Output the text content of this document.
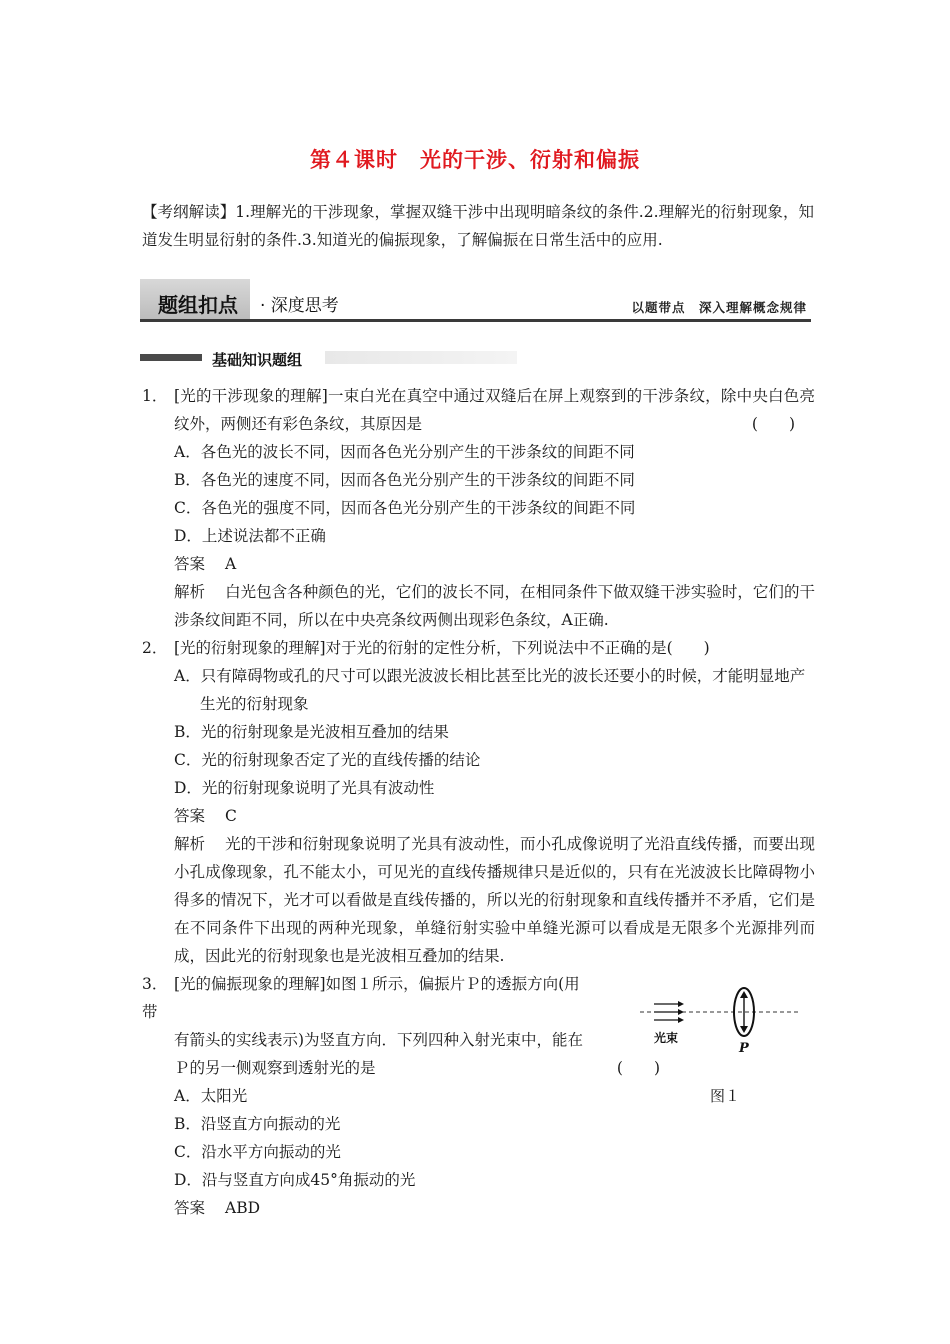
第４课时　光的干涉、衍射和偏振
【考纲解读】1.理解光的干涉现象，掌握双缝干涉中出现明暗条纹的条件.2.理解光的衍射现象，知道发生明显衍射的条件.3.知道光的偏振现象，了解偏振在日常生活中的应用.
题组扣点 · 深度思考	以题带点　深入理解概念规律
基础知识题组
1． [光的干涉现象的理解]一束白光在真空中通过双缝后在屏上观察到的干涉条纹，除中央白色亮纹外，两侧还有彩色条纹，其原因是	(　　)
A．各色光的波长不同，因而各色光分别产生的干涉条纹的间距不同
B．各色光的速度不同，因而各色光分别产生的干涉条纹的间距不同
C．各色光的强度不同，因而各色光分别产生的干涉条纹的间距不同
D．上述说法都不正确
答案 A
解析 白光包含各种颜色的光，它们的波长不同，在相同条件下做双缝干涉实验时，它们的干涉条纹间距不同，所以在中央亮条纹两侧出现彩色条纹，A正确.
2． [光的衍射现象的理解]对于光的衍射的定性分析，下列说法中不正确的是(　　)
A．只有障碍物或孔的尺寸可以跟光波波长相比甚至比光的波长还要小的时候，才能明显地产生光的衍射现象
B．光的衍射现象是光波相互叠加的结果
C．光的衍射现象否定了光的直线传播的结论
D．光的衍射现象说明了光具有波动性
答案 C
解析 光的干涉和衍射现象说明了光具有波动性，而小孔成像说明了光沿直线传播，而要出现小孔成像现象，孔不能太小，可见光的直线传播规律只是近似的，只有在光波波长比障碍物小得多的情况下，光才可以看做是直线传播的，所以光的衍射现象和直线传播并不矛盾，它们是在不同条件下出现的两种光现象，单缝衍射实验中单缝光源可以看成是无限多个光源排列而成，因此光的衍射现象也是光波相互叠加的结果.
3． [光的偏振现象的理解]如图１所示，偏振片Ｐ的透振方向(用
带
有箭头的实线表示)为竖直方向．下列四种入射光束中，能在
Ｐ的另一侧观察到透射光的是	(　　)
光束
P
图１
A．太阳光
B．沿竖直方向振动的光
C．沿水平方向振动的光
D．沿与竖直方向成45°角振动的光
答案 ABD
